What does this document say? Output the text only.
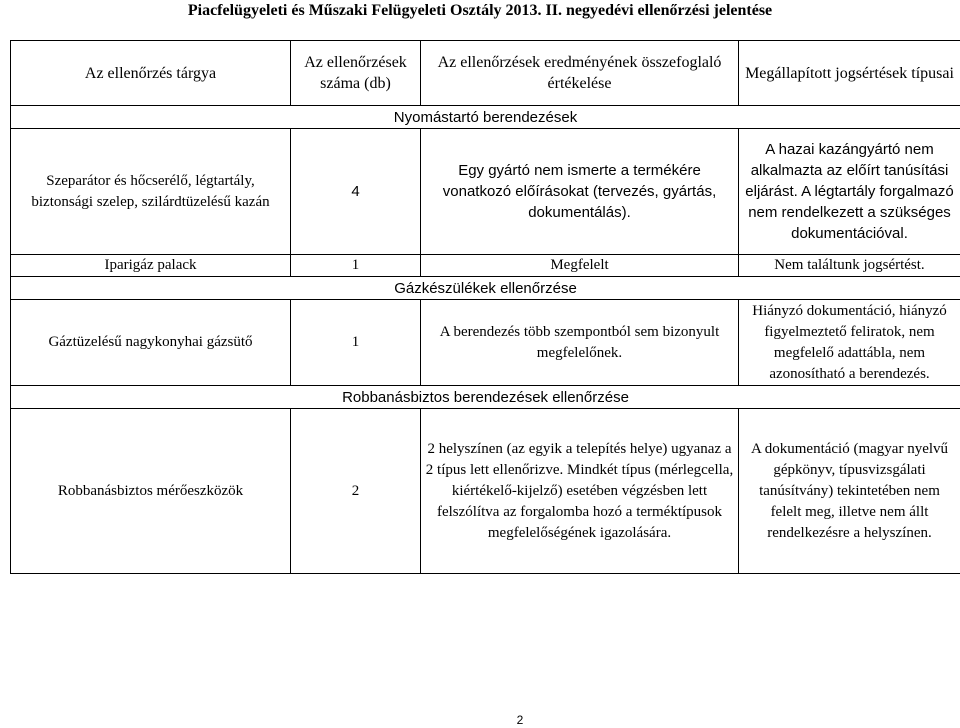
Piacfelügyeleti és Műszaki Felügyeleti Osztály 2013. II. negyedévi ellenőrzési jelentése
Az ellenőrzés tárgya	Az ellenőrzések száma (db)	Az ellenőrzések eredményének összefoglaló értékelése	Megállapított jogsértések típusai
Nyomástartó berendezések			
Szeparátor és hőcserélő, légtartály, biztonsági szelep, szilárdtüzelésű kazán	4	Egy gyártó nem ismerte a termékére vonatkozó előírásokat (tervezés, gyártás, dokumentálás).	A hazai kazángyártó nem alkalmazta az előírt tanúsítási eljárást. A légtartály forgalmazó nem rendelkezett a szükséges dokumentációval.
Iparigáz palack	1	Megfelelt	Nem találtunk jogsértést.
Gázkészülékek ellenőrzése			
Gáztüzelésű nagykonyhai gázsütő	1	A berendezés több szempontból sem bizonyult megfelelőnek.	Hiányzó dokumentáció, hiányzó figyelmeztető feliratok, nem megfelelő adattábla, nem azonosítható a berendezés.
Robbanásbiztos berendezések ellenőrzése			
Robbanásbiztos mérőeszközök	2	2 helyszínen (az egyik a telepítés helye) ugyanaz a 2 típus lett ellenőrizve. Mindkét típus (mérlegcella, kiértékelő-kijelző) esetében végzésben lett felszólítva az forgalomba hozó a terméktípusok megfelelőségének igazolására.	A dokumentáció (magyar nyelvű gépkönyv, típusvizsgálati tanúsítvány) tekintetében nem felelt meg, illetve nem állt rendelkezésre a helyszínen.
2
